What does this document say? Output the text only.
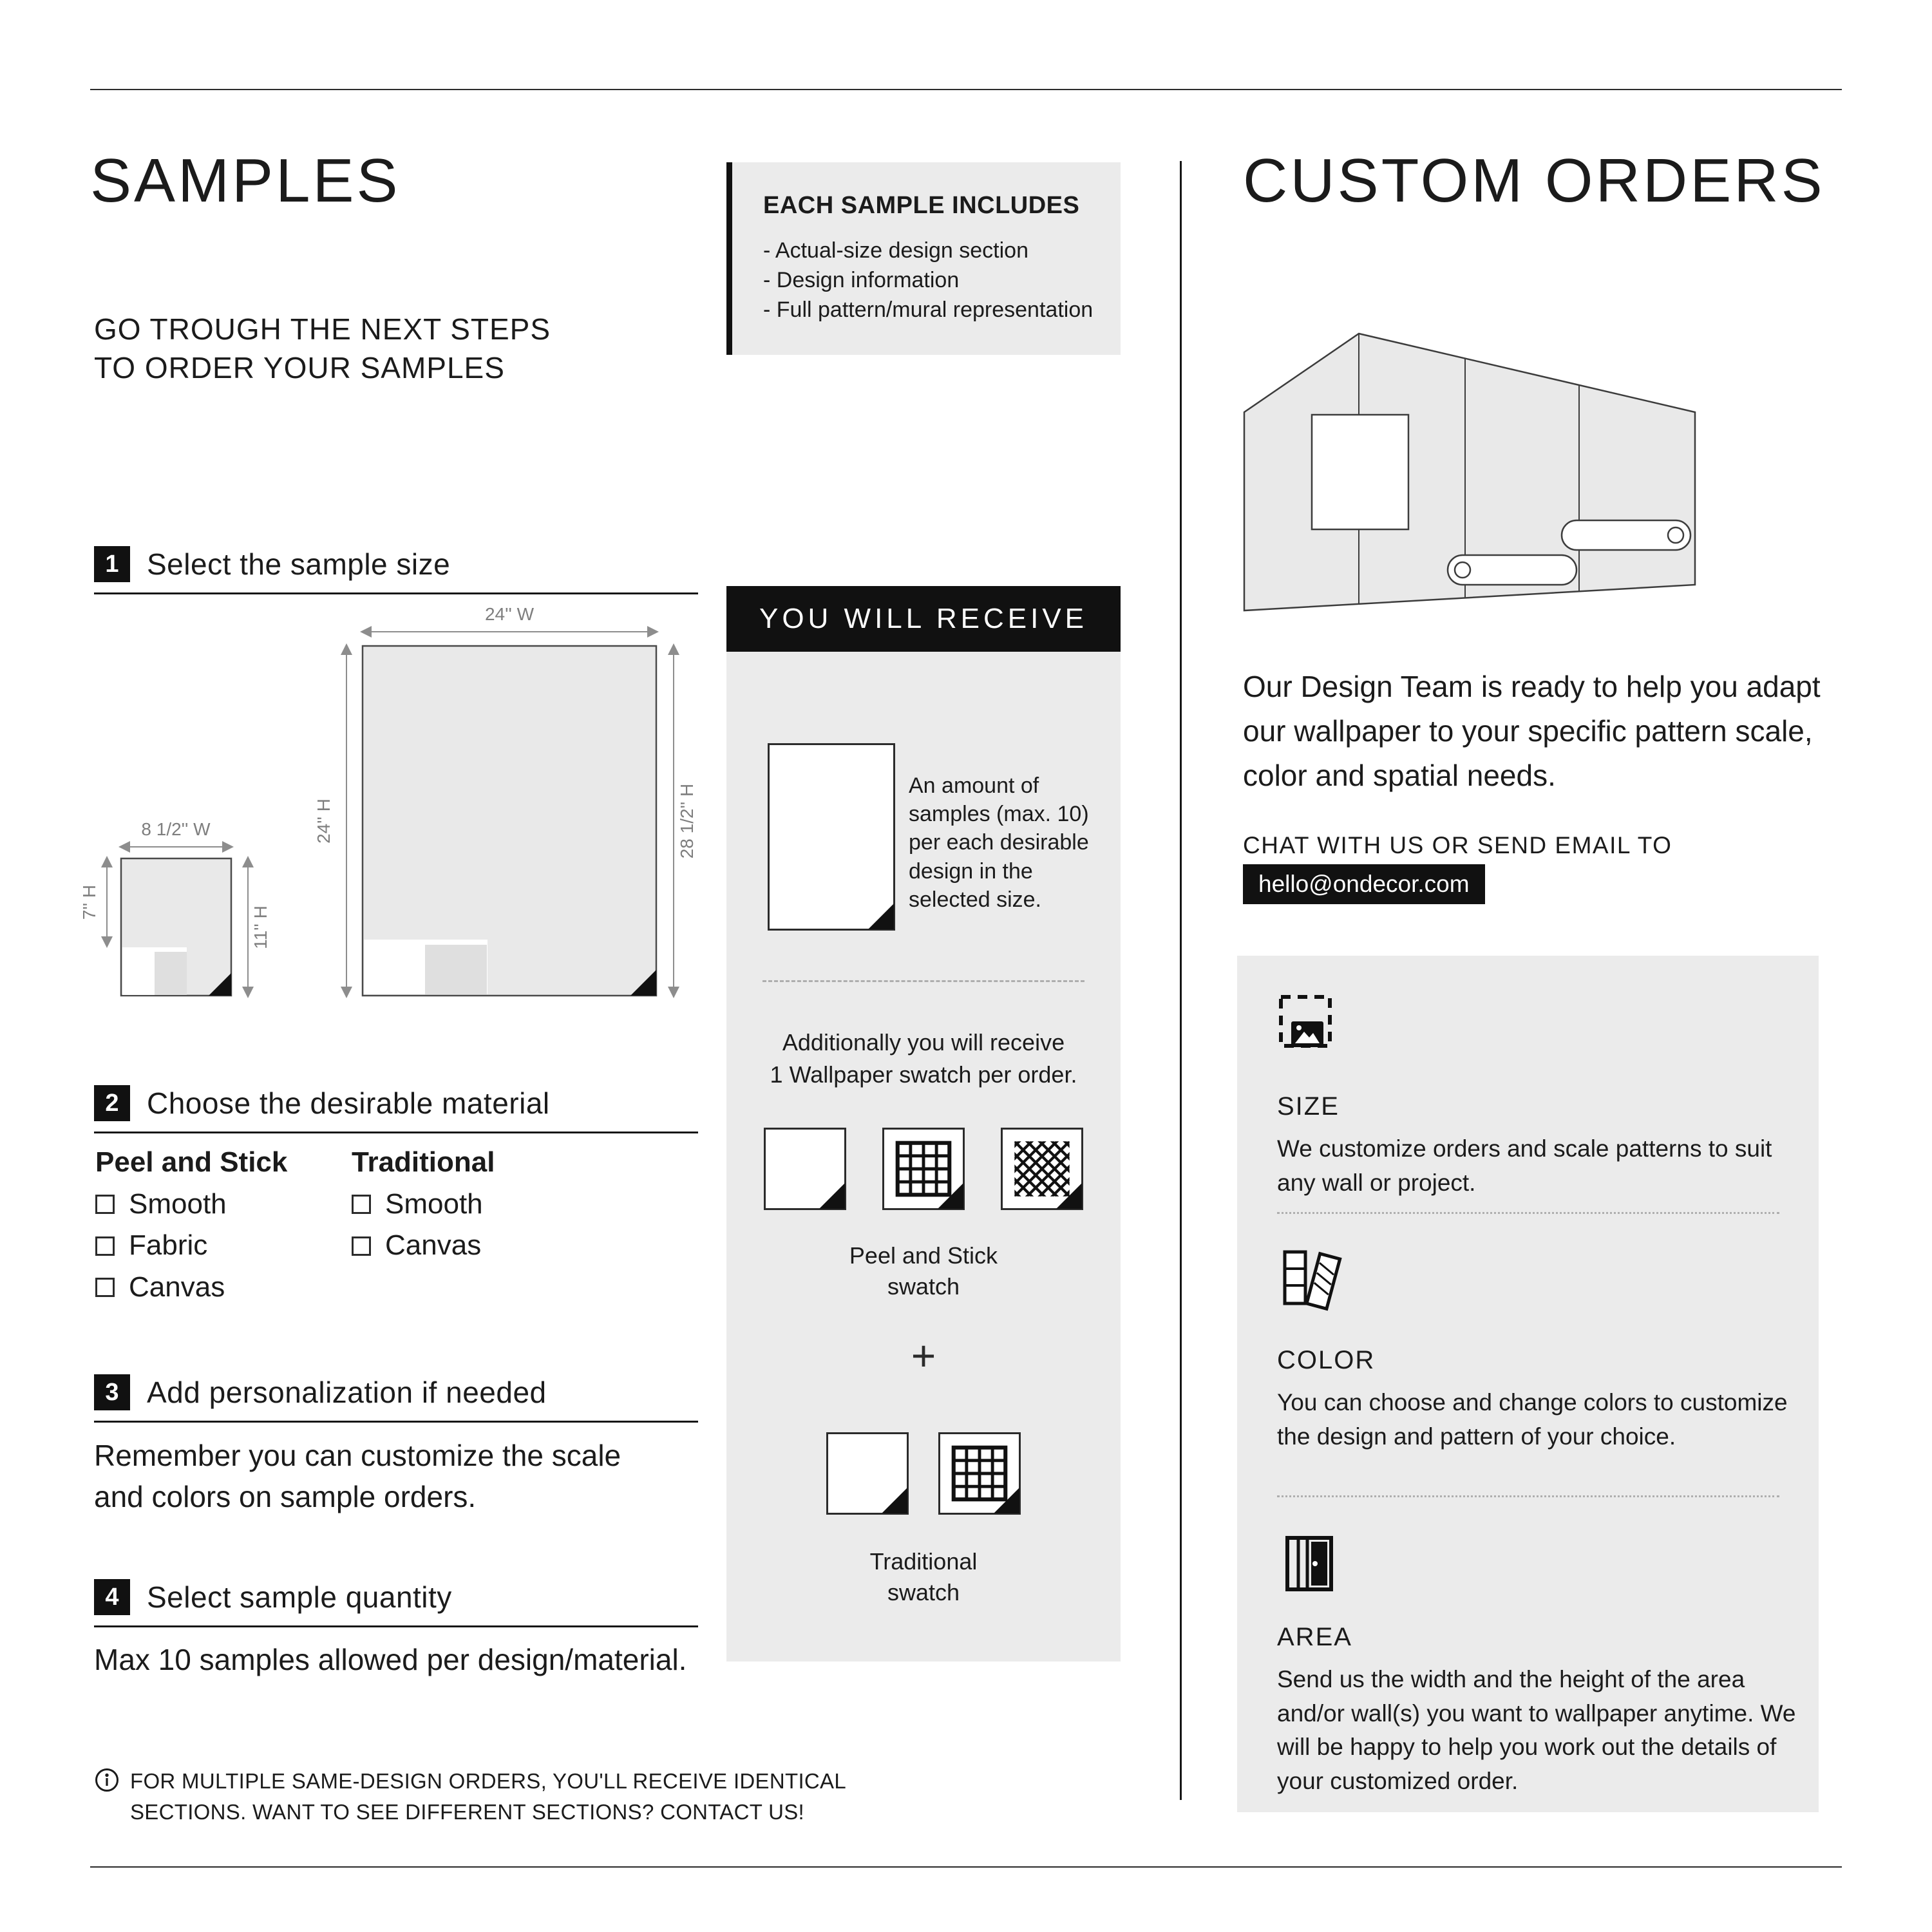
SAMPLES
GO TROUGH THE NEXT STEPS
TO ORDER YOUR SAMPLES
EACH SAMPLE INCLUDES
- Actual-size design section
- Design information
- Full pattern/mural representation
1 Select the sample size
24'' W
24'' H	28 1/2'' H
8 1/2'' W
7'' H
11'' H
2 Choose the desirable material
Peel and Stick
Smooth
Fabric
Canvas
Traditional
Smooth
Canvas
3 Add personalization if needed
Remember you can customize the scale
and colors on sample orders.
4 Select sample quantity
Max 10 samples allowed per design/material.
FOR MULTIPLE SAME-DESIGN ORDERS, YOU'LL RECEIVE IDENTICAL
SECTIONS. WANT TO SEE DIFFERENT SECTIONS? CONTACT US!
YOU WILL RECEIVE
An amount of samples (max. 10) per each desirable design in the selected size.
Additionally you will receive
1 Wallpaper swatch per order.
Peel and Stick
swatch
+
Traditional
swatch
CUSTOM ORDERS

Our Design Team is ready to help you adapt our wallpaper to your specific pattern scale, color and spatial needs.

CHAT WITH US OR SEND EMAIL TO
hello@ondecor.com
SIZE
We customize orders and scale patterns to suit any wall or project.
COLOR
You can choose and change colors to customize the design and pattern of your choice.
AREA
Send us the width and the height of the area and/or wall(s) you want to wallpaper anytime. We will be happy to help you work out the details of your customized order.
